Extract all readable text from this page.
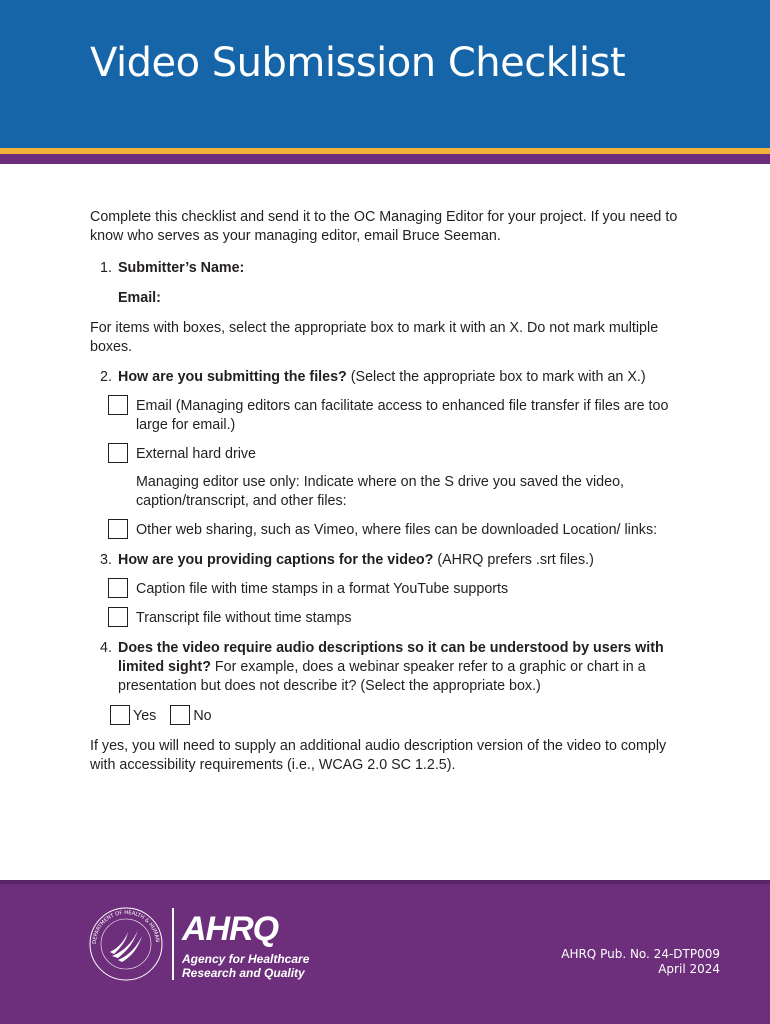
Video Submission Checklist

Complete this checklist and send it to the OC Managing Editor for your project. If you need to know who serves as your managing editor, email Bruce Seeman.

1. Submitter’s Name:
Email:

For items with boxes, select the appropriate box to mark it with an X. Do not mark multiple boxes.

2. How are you submitting the files? (Select the appropriate box to mark with an X.)
Email (Managing editors can facilitate access to enhanced file transfer if files are too large for email.)
External hard drive
Managing editor use only: Indicate where on the S drive you saved the video, caption/transcript, and other files:
Other web sharing, such as Vimeo, where files can be downloaded Location/ links:
3. How are you providing captions for the video? (AHRQ prefers .srt files.)
Caption file with time stamps in a format YouTube supports
Transcript file without time stamps
4. Does the video require audio descriptions so it can be understood by users with limited sight? For example, does a webinar speaker refer to a graphic or chart in a presentation but does not describe it? (Select the appropriate box.)
Yes	No

If yes, you will need to supply an additional audio description version of the video to comply with accessibility requirements (i.e., WCAG 2.0 SC 1.2.5).

DEPARTMENT OF HEALTH & HUMAN AHRQ
Agency for Healthcare
Research and Quality
AHRQ Pub. No. 24-DTP009
April 2024
